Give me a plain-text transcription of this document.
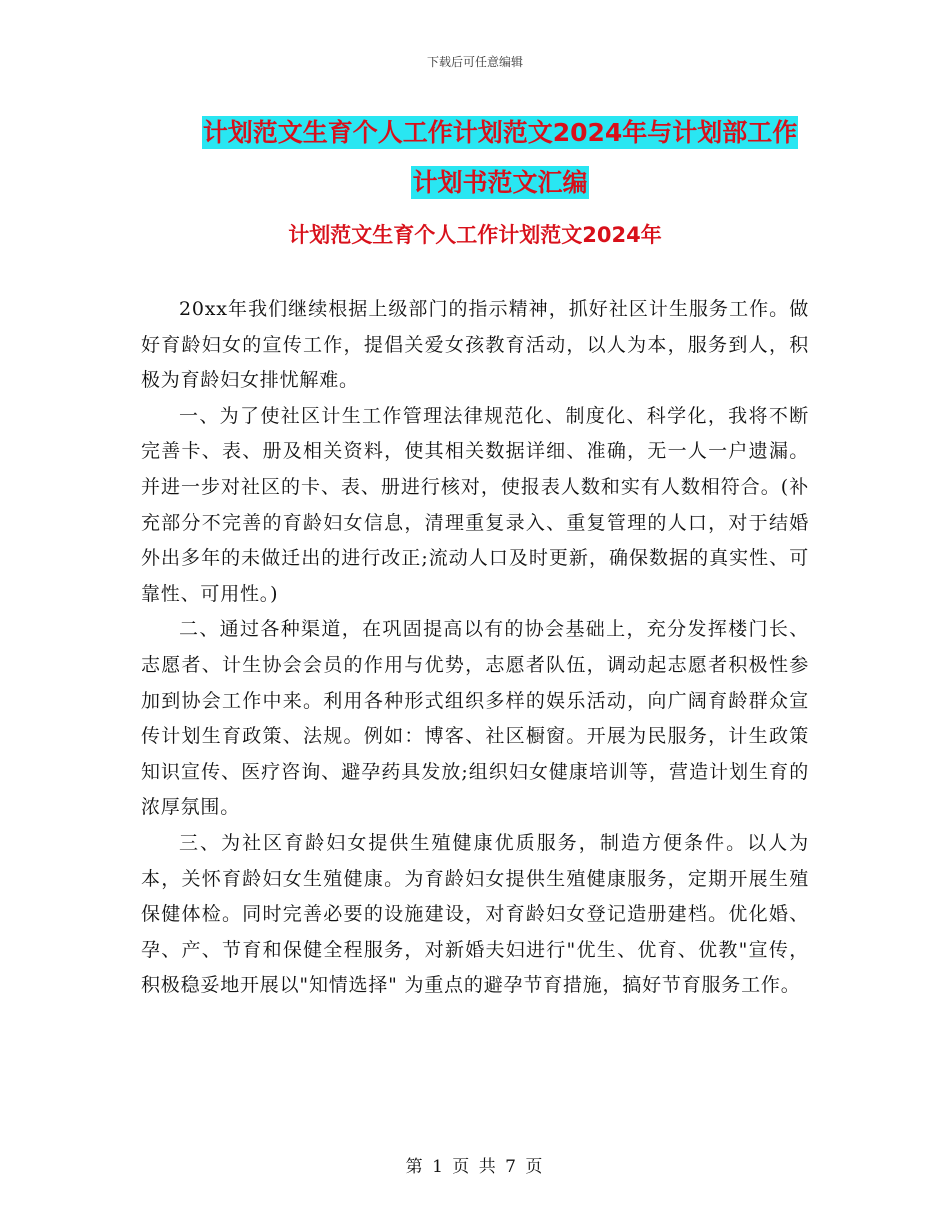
下载后可任意编辑
计划范文生育个人工作计划范文2024年与计划部工作
计划书范文汇编
计划范文生育个人工作计划范文2024年

20xx年我们继续根据上级部门的指示精神，抓好社区计生服务工作。做好育龄妇女的宣传工作，提倡关爱女孩教育活动，以人为本，服务到人，积极为育龄妇女排忧解难。

一、为了使社区计生工作管理法律规范化、制度化、科学化，我将不断完善卡、表、册及相关资料，使其相关数据详细、准确，无一人一户遗漏。并进一步对社区的卡、表、册进行核对，使报表人数和实有人数相符合。(补充部分不完善的育龄妇女信息，清理重复录入、重复管理的人口，对于结婚外出多年的未做迁出的进行改正;流动人口及时更新，确保数据的真实性、可靠性、可用性。)

二、通过各种渠道，在巩固提高以有的协会基础上，充分发挥楼门长、志愿者、计生协会会员的作用与优势，志愿者队伍，调动起志愿者积极性参加到协会工作中来。利用各种形式组织多样的娱乐活动，向广阔育龄群众宣传计划生育政策、法规。例如：博客、社区橱窗。开展为民服务，计生政策知识宣传、医疗咨询、避孕药具发放;组织妇女健康培训等，营造计划生育的浓厚氛围。

三、为社区育龄妇女提供生殖健康优质服务，制造方便条件。以人为本，关怀育龄妇女生殖健康。为育龄妇女提供生殖健康服务，定期开展生殖保健体检。同时完善必要的设施建设，对育龄妇女登记造册建档。优化婚、孕、产、节育和保健全程服务，对新婚夫妇进行"优生、优育、优教"宣传，积极稳妥地开展以"知情选择" 为重点的避孕节育措施，搞好节育服务工作。

第 1 页 共 7 页
